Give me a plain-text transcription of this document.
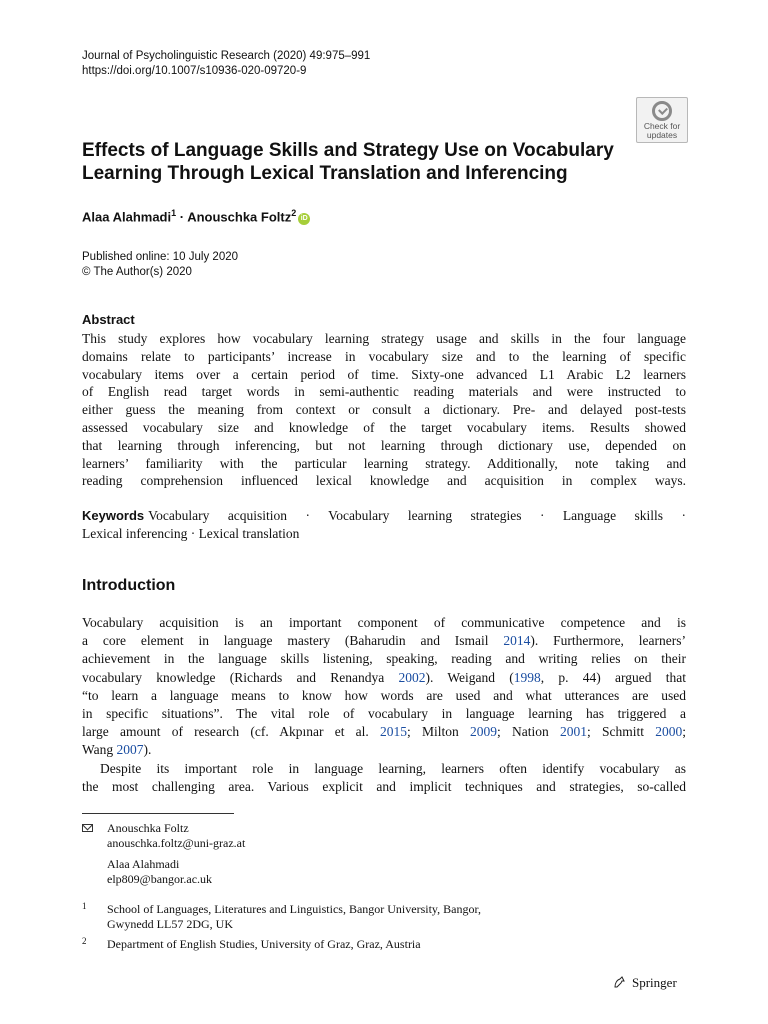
Journal of Psycholinguistic Research (2020) 49:975–991
https://doi.org/10.1007/s10936-020-09720-9
Check for
updates
Effects of Language Skills and Strategy Use on Vocabulary
Learning Through Lexical Translation and Inferencing
Alaa Alahmadi$^1$ · Anouschka Foltz$^2$iD
Published online: 10 July 2020
© The Author(s) 2020
Abstract
This study explores how vocabulary learning strategy usage and skills in the four language
domains relate to participants’ increase in vocabulary size and to the learning of specific
vocabulary items over a certain period of time. Sixty-one advanced L1 Arabic L2 learners
of English read target words in semi-authentic reading materials and were instructed to
either guess the meaning from context or consult a dictionary. Pre- and delayed post-tests
assessed vocabulary size and knowledge of the target vocabulary items. Results showed
that learning through inferencing, but not learning through dictionary use, depended on
learners’ familiarity with the particular learning strategy. Additionally, note taking and
reading comprehension influenced lexical knowledge and acquisition in complex ways.
Keywords Vocabulary acquisition · Vocabulary learning strategies · Language skills ·
Lexical inferencing · Lexical translation
Introduction
Vocabulary acquisition is an important component of communicative competence and is
a core element in language mastery (Baharudin and Ismail 2014). Furthermore, learners’
achievement in the language skills listening, speaking, reading and writing relies on their
vocabulary knowledge (Richards and Renandya 2002). Weigand (1998, p. 44) argued that
“to learn a language means to know how words are used and what utterances are used
in specific situations”. The vital role of vocabulary in language learning has triggered a
large amount of research (cf. Akpınar et al. 2015; Milton 2009; Nation 2001; Schmitt 2000;
Wang 2007).
Despite its important role in language learning, learners often identify vocabulary as
the most challenging area. Various explicit and implicit techniques and strategies, so-called
Anouschka Foltz
anouschka.foltz@uni-graz.at
Alaa Alahmadi
elp809@bangor.ac.uk
1 School of Languages, Literatures and Linguistics, Bangor University, Bangor,
Gwynedd LL57 2DG, UK
2 Department of English Studies, University of Graz, Graz, Austria
Springer
